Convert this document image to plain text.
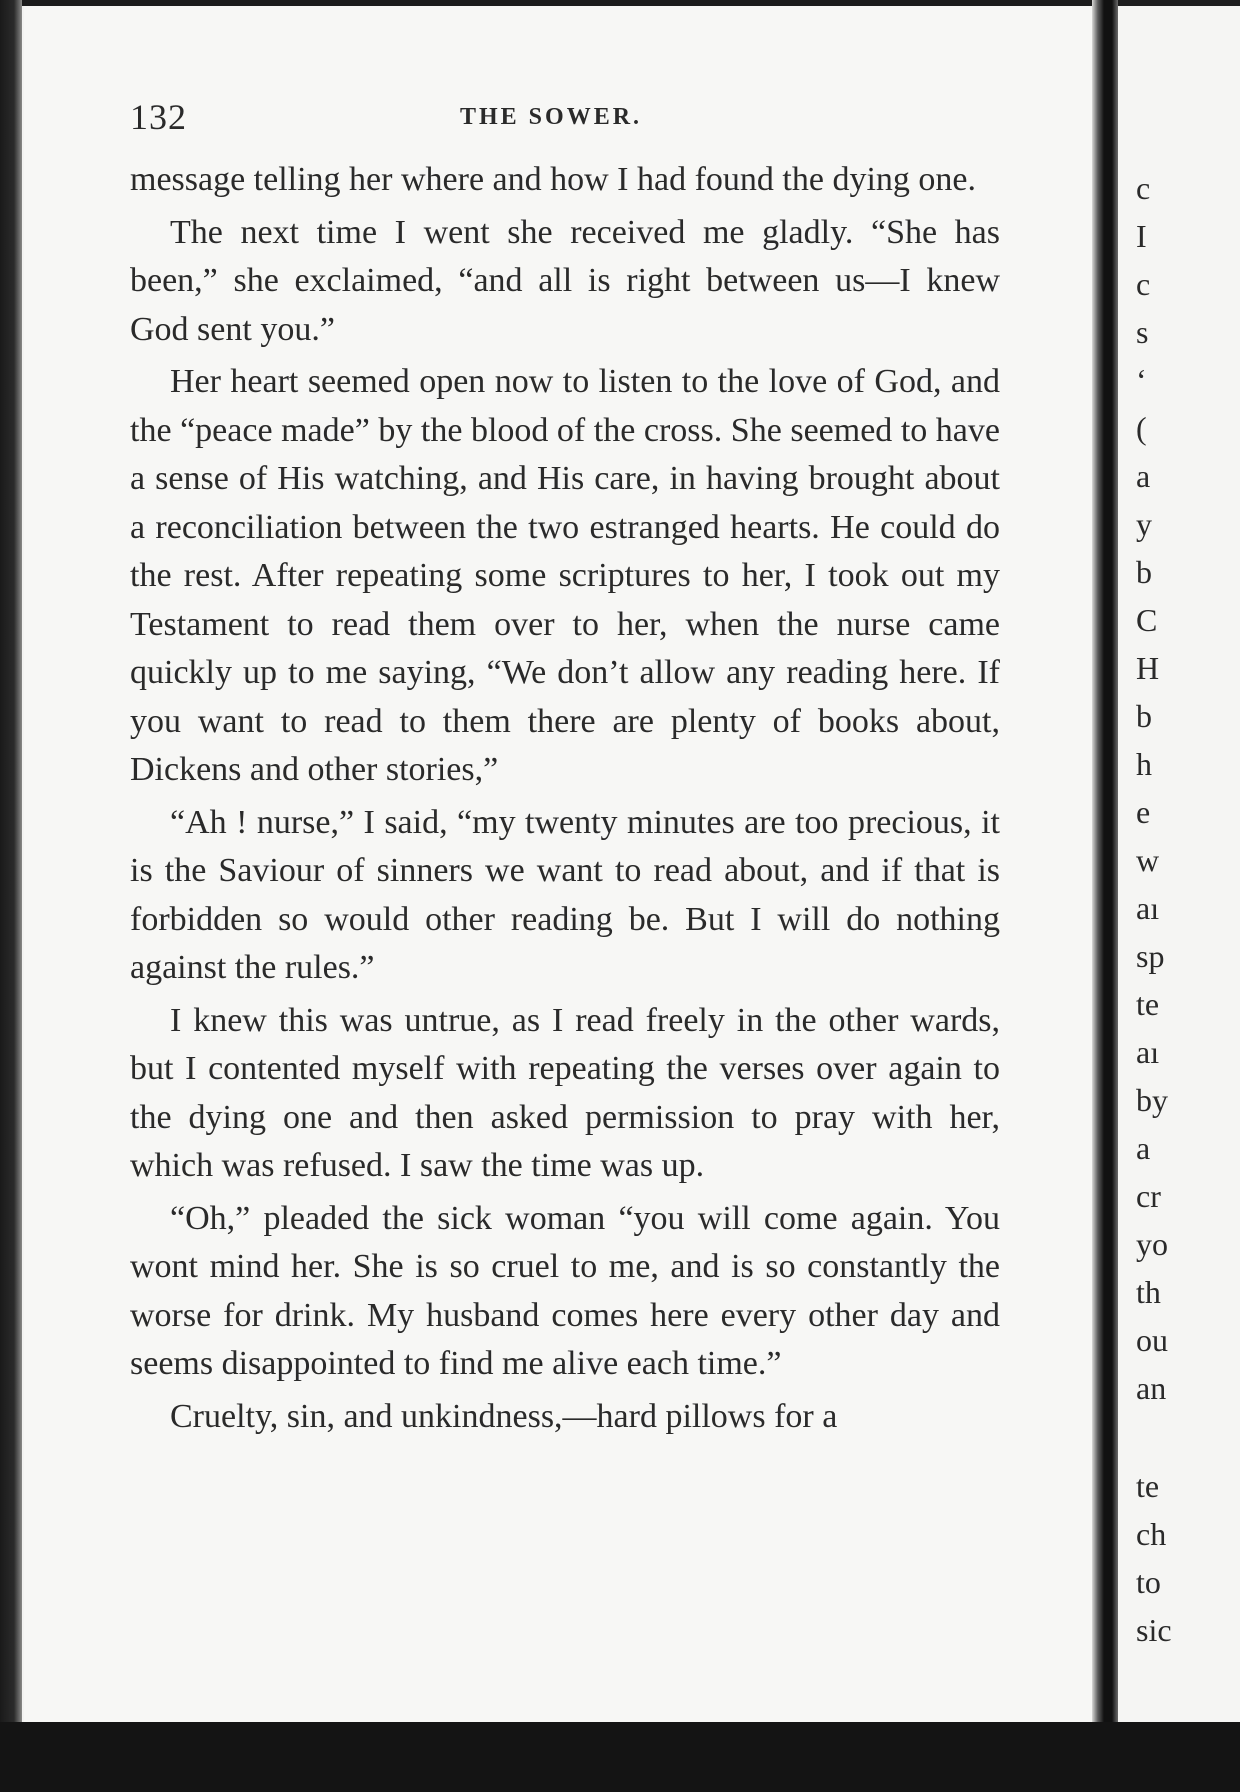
132	THE SOWER.

message telling her where and how I had found the dying one.

The next time I went she received me gladly. “She has been,” she exclaimed, “and all is right between us—I knew God sent you.”

Her heart seemed open now to listen to the love of God, and the “peace made” by the blood of the cross. She seemed to have a sense of His watching, and His care, in having brought about a reconciliation between the two estranged hearts. He could do the rest. After repeating some scriptures to her, I took out my Testament to read them over to her, when the nurse came quickly up to me saying, “We don’t allow any reading here. If you want to read to them there are plenty of books about, Dickens and other stories,”

“Ah ! nurse,” I said, “my twenty minutes are too precious, it is the Saviour of sinners we want to read about, and if that is forbidden so would other reading be. But I will do nothing against the rules.”

I knew this was untrue, as I read freely in the other wards, but I contented myself with repeating the verses over again to the dying one and then asked permission to pray with her, which was refused. I saw the time was up.

“Oh,” pleaded the sick woman “you will come again. You wont mind her. She is so cruel to me, and is so constantly the worse for drink. My husband comes here every other day and seems disappointed to find me alive each time.”

Cruelty, sin, and unkindness,—hard pillows for a

c
I
c
s
‘
(
a
y
b
C
H
b
h
e
w
aı
sp
te
aı
by
a
cr
yo
th
ou
an
te
ch
to
sic
